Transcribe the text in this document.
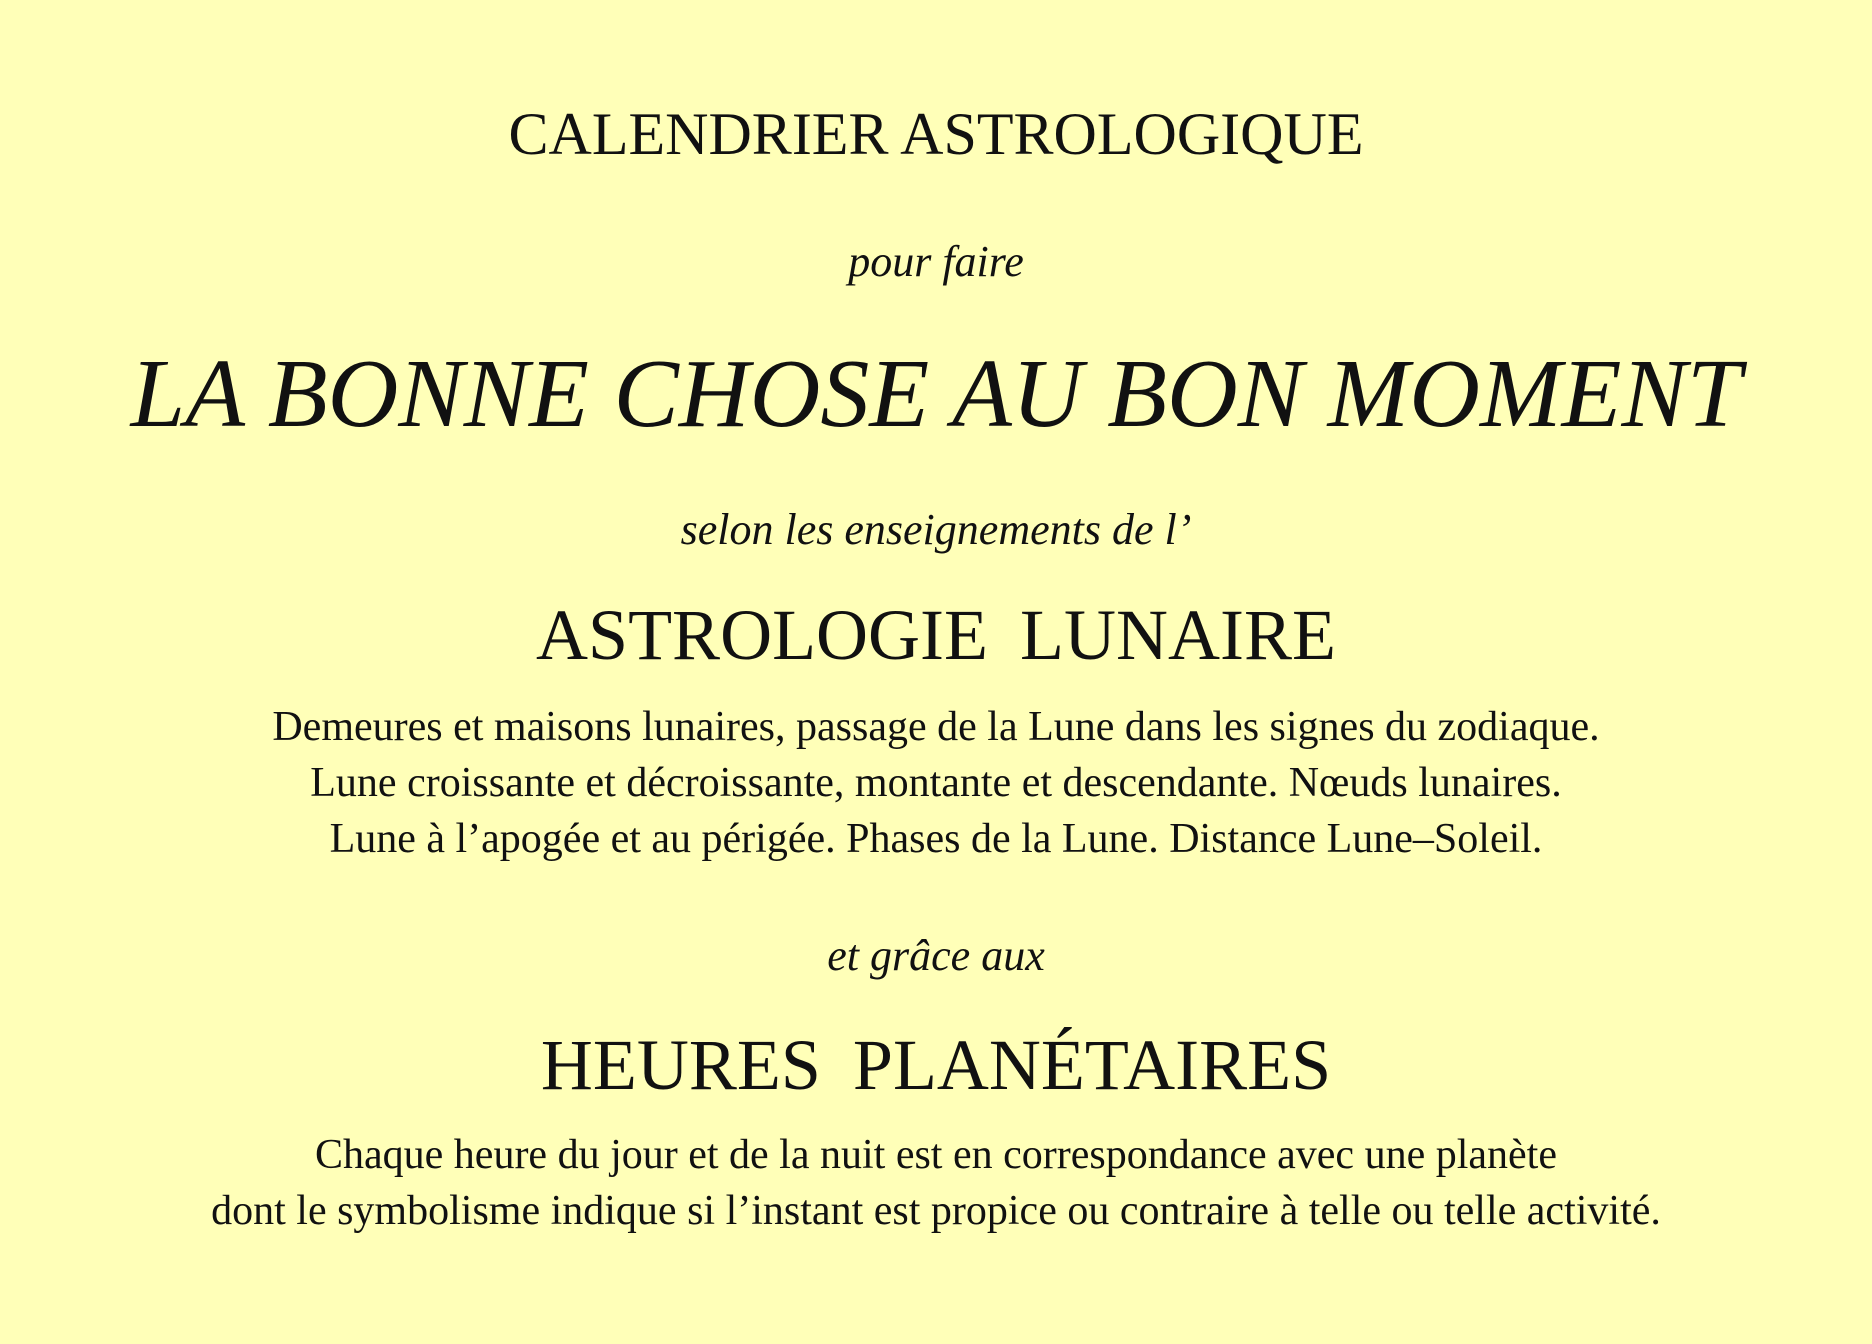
CALENDRIER ASTROLOGIQUE

pour faire

LA BONNE CHOSE AU BON MOMENT

selon les enseignements de l’

ASTROLOGIE LUNAIRE

Demeures et maisons lunaires, passage de la Lune dans les signes du zodiaque.

Lune croissante et décroissante, montante et descendante. Nœuds lunaires.

Lune à l’apogée et au périgée. Phases de la Lune. Distance Lune–Soleil.

et grâce aux

HEURES PLANÉTAIRES

Chaque heure du jour et de la nuit est en correspondance avec une planète

dont le symbolisme indique si l’instant est propice ou contraire à telle ou telle activité.
